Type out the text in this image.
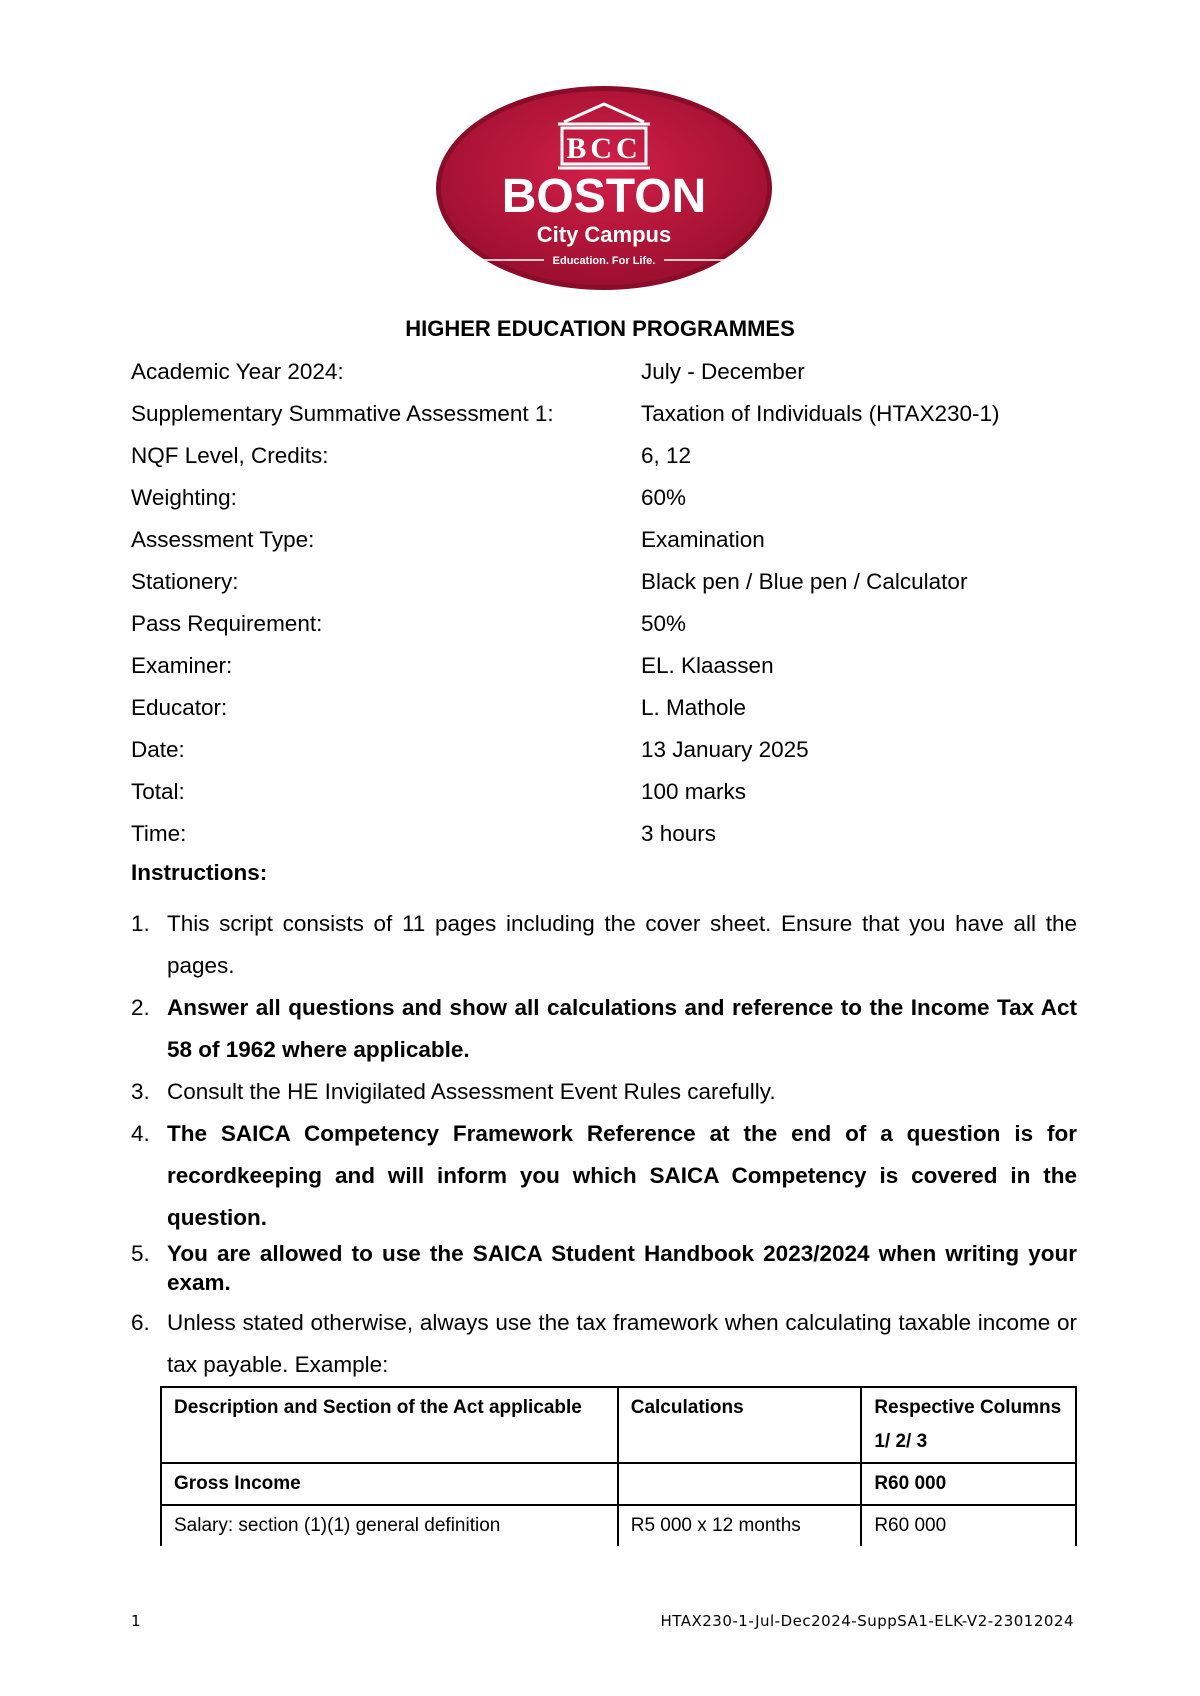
BCC
BOSTON
City Campus
Education. For Life.
HIGHER EDUCATION PROGRAMMES
Academic Year 2024:	July - December
Supplementary Summative Assessment 1:	Taxation of Individuals (HTAX230-1)
NQF Level, Credits:	6, 12
Weighting:	60%
Assessment Type:	Examination
Stationery:	Black pen / Blue pen / Calculator
Pass Requirement:	50%
Examiner:	EL. Klaassen
Educator:	L. Mathole
Date:	13 January 2025
Total:	100 marks
Time:	3 hours
Instructions:
1. This script consists of 11 pages including the cover sheet. Ensure that you have all the pages.
2. Answer all questions and show all calculations and reference to the Income Tax Act 58 of 1962 where applicable.
3. Consult the HE Invigilated Assessment Event Rules carefully.
4. The SAICA Competency Framework Reference at the end of a question is for recordkeeping and will inform you which SAICA Competency is covered in the question.
5. You are allowed to use the SAICA Student Handbook 2023/2024 when writing your exam.
6. Unless stated otherwise, always use the tax framework when calculating taxable income or tax payable. Example:
Description and Section of the Act applicable	Calculations	Respective Columns 1/ 2/ 3
Gross Income		R60 000
Salary: section (1)(1) general definition	R5 000 x 12 months	R60 000
1	HTAX230-1-Jul-Dec2024-SuppSA1-ELK-V2-23012024
